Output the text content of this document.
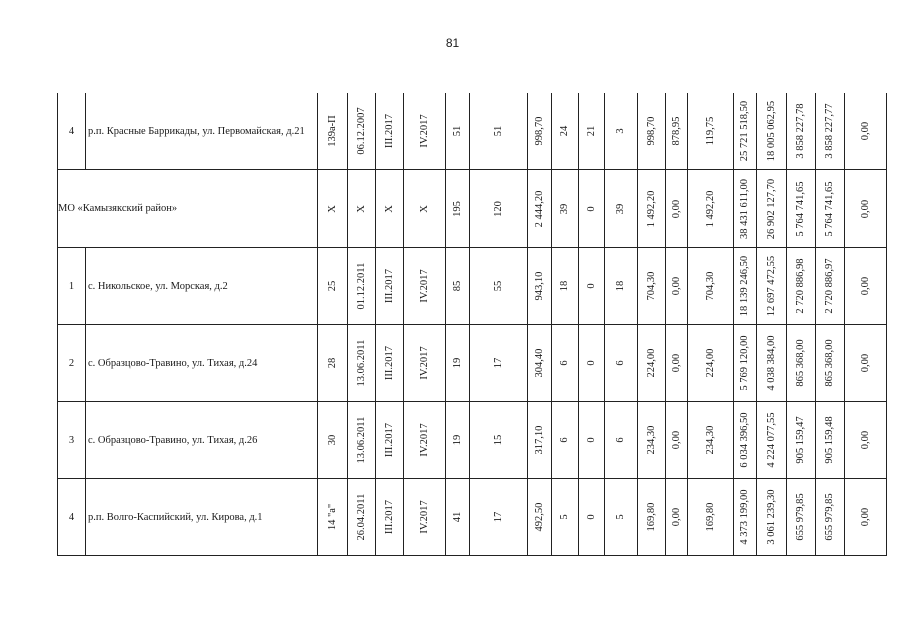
81
4	р.п. Красные Баррикады, ул. Первомайская, д.21	139а-П	06.12.2007	III.2017	IV.2017	51	51	998,70	24	21	3	998,70	878,95	119,75	25 721 518,50	18 005 062,95	3 858 227,78	3 858 227,77	0,00

МО «Камызякский район»		Х	Х	Х	Х	195	120	2 444,20	39	0	39	1 492,20	0,00	1 492,20	38 431 611,00	26 902 127,70	5 764 741,65	5 764 741,65	0,00

1	с. Никольское, ул. Морская, д.2	25	01.12.2011	III.2017	IV.2017	85	55	943,10	18	0	18	704,30	0,00	704,30	18 139 246,50	12 697 472,55	2 720 886,98	2 720 886,97	0,00

2	с. Образцово-Травино, ул. Тихая, д.24	28	13.06.2011	III.2017	IV.2017	19	17	304,40	6	0	6	224,00	0,00	224,00	5 769 120,00	4 038 384,00	865 368,00	865 368,00	0,00

3	с. Образцово-Травино, ул. Тихая, д.26	30	13.06.2011	III.2017	IV.2017	19	15	317,10	6	0	6	234,30	0,00	234,30	6 034 396,50	4 224 077,55	905 159,47	905 159,48	0,00

4	р.п. Волго-Каспийский, ул. Кирова, д.1	14 "а"	26.04.2011	III.2017	IV.2017	41	17	492,50	5	0	5	169,80	0,00	169,80	4 373 199,00	3 061 239,30	655 979,85	655 979,85	0,00
